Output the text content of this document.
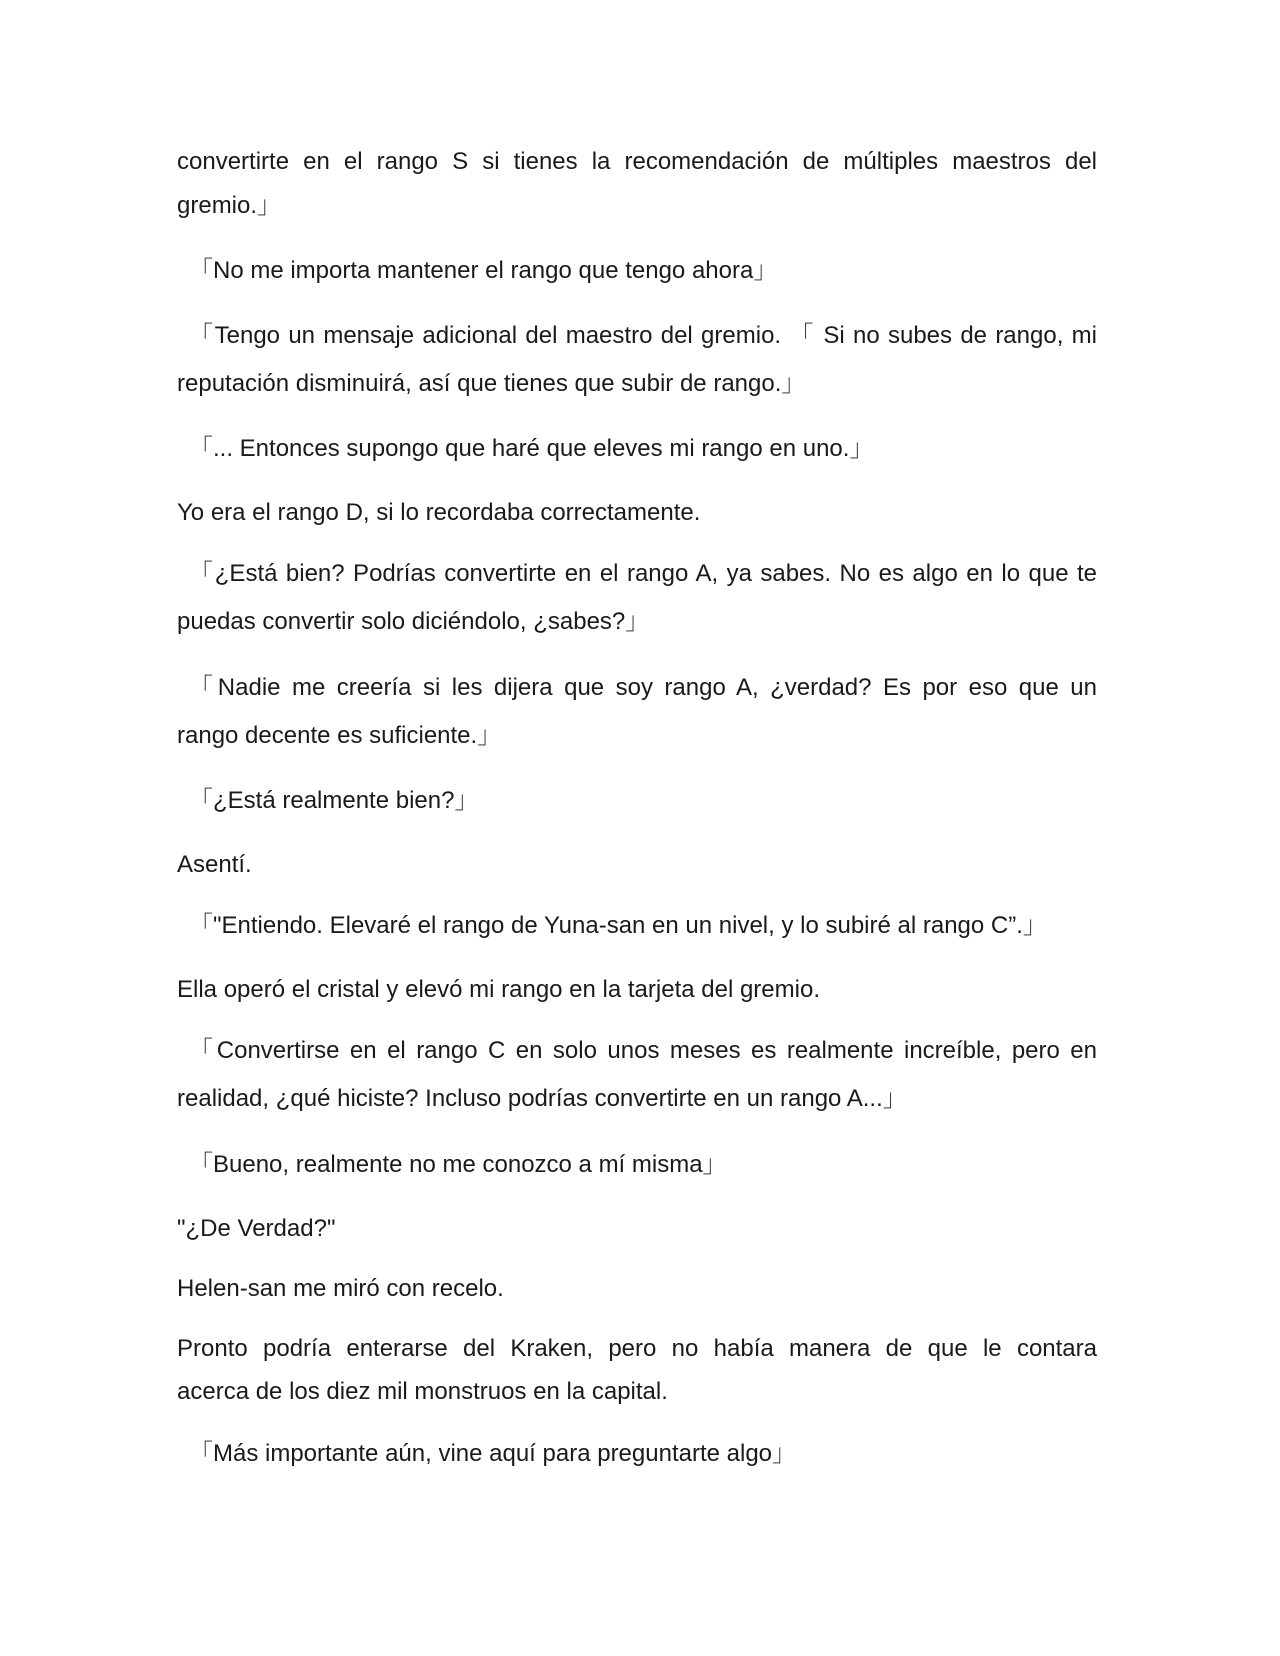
convertirte en el rango S si tienes la recomendación de múltiples maestros del
gremio.」
「No me importa mantener el rango que tengo ahora」
「Tengo un mensaje adicional del maestro del gremio. 「 Si no subes de rango, mi
reputación disminuirá, así que tienes que subir de rango.」
「... Entonces supongo que haré que eleves mi rango en uno.」
Yo era el rango D, si lo recordaba correctamente.
「¿Está bien? Podrías convertirte en el rango A, ya sabes. No es algo en lo que te
puedas convertir solo diciéndolo, ¿sabes?」
「Nadie me creería si les dijera que soy rango A, ¿verdad? Es por eso que un
rango decente es suficiente.」
「¿Está realmente bien?」
Asentí.
「"Entiendo. Elevaré el rango de Yuna-san en un nivel, y lo subiré al rango C”.」
Ella operó el cristal y elevó mi rango en la tarjeta del gremio.
「Convertirse en el rango C en solo unos meses es realmente increíble, pero en
realidad, ¿qué hiciste? Incluso podrías convertirte en un rango A...」
「Bueno, realmente no me conozco a mí misma」
"¿De Verdad?"
Helen-san me miró con recelo.
Pronto podría enterarse del Kraken, pero no había manera de que le contara
acerca de los diez mil monstruos en la capital.
「Más importante aún, vine aquí para preguntarte algo」
